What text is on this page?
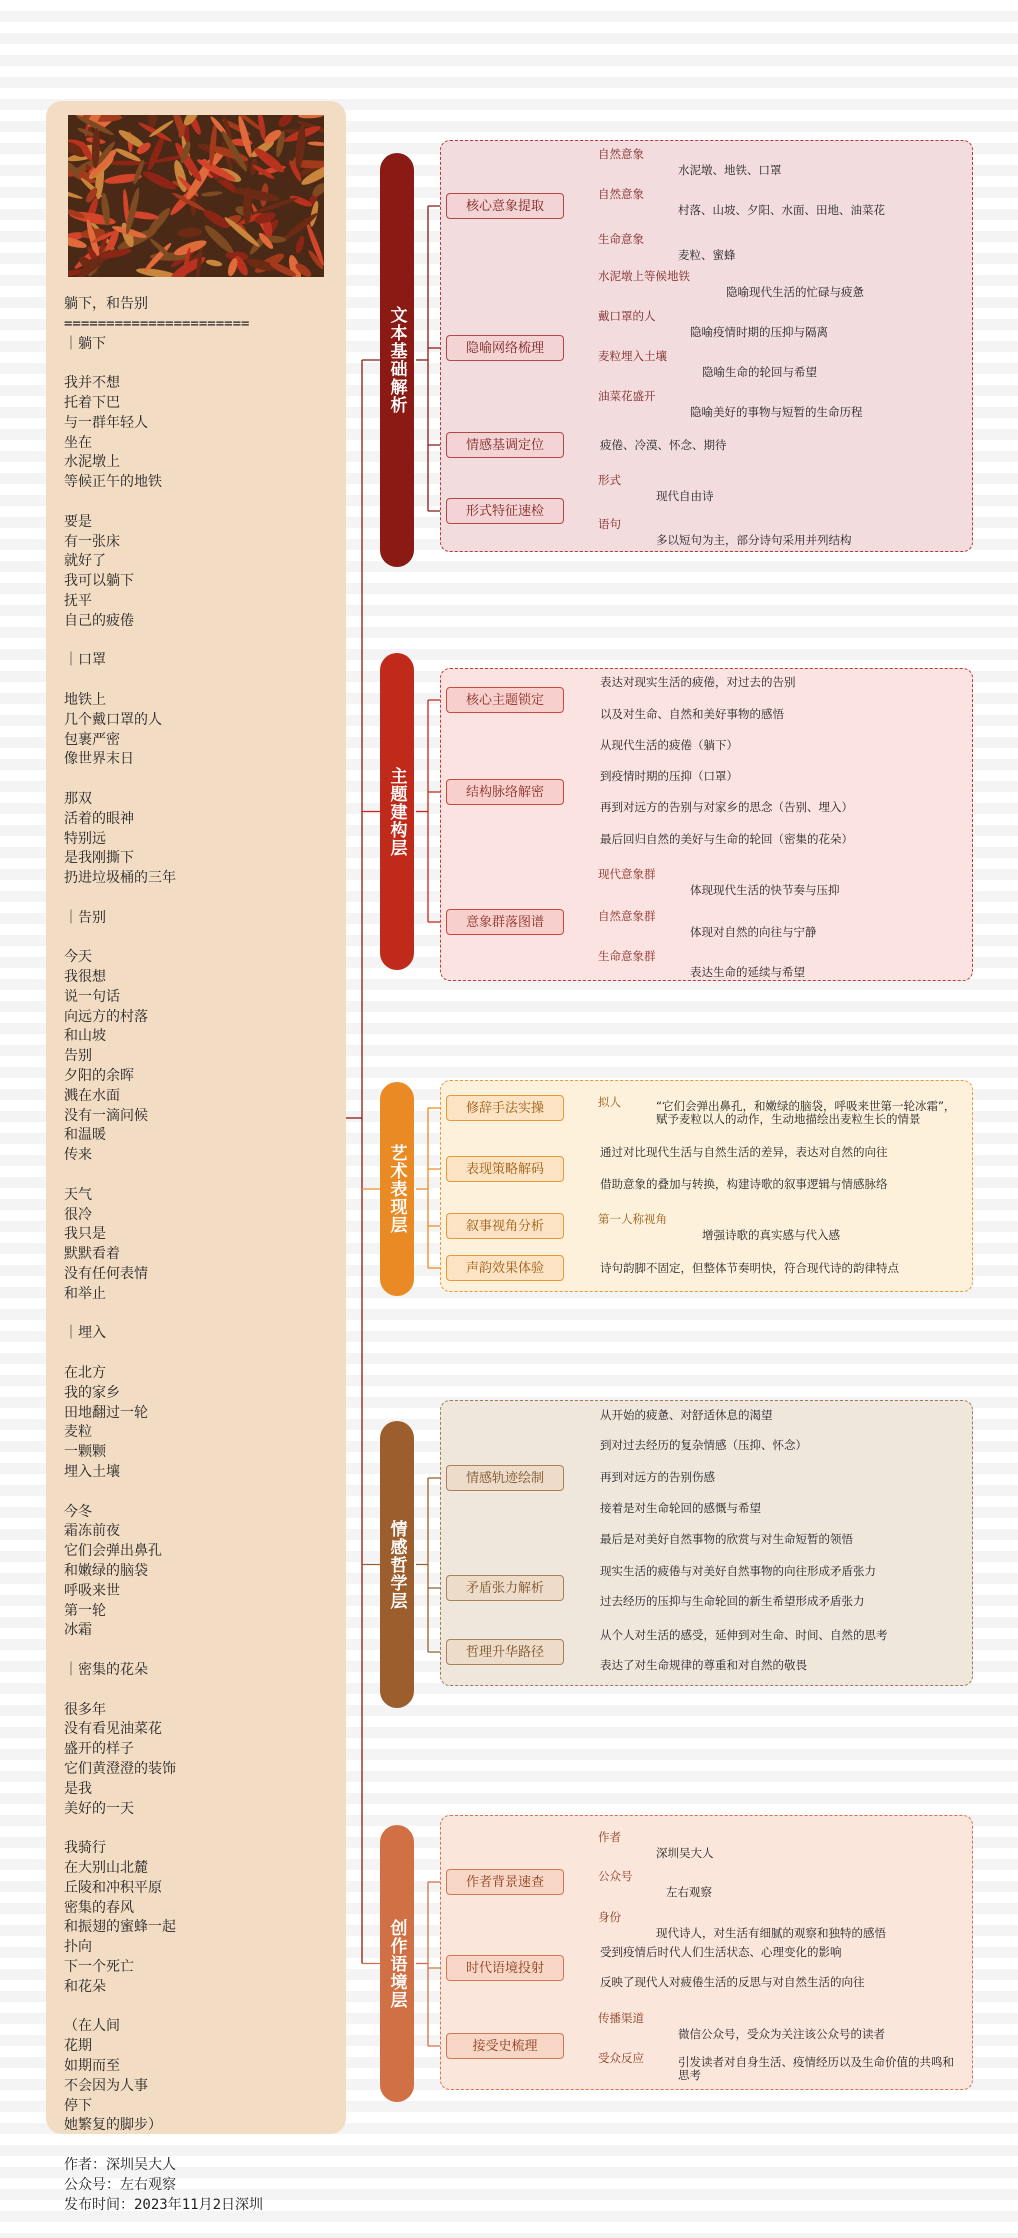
躺下，和告别
======================
｜躺下

我并不想
托着下巴
与一群年轻人
坐在
水泥墩上
等候正午的地铁

要是
有一张床
就好了
我可以躺下
抚平
自己的疲倦

｜口罩

地铁上
几个戴口罩的人
包裹严密
像世界末日

那双
活着的眼神
特别远
是我刚撕下
扔进垃圾桶的三年

｜告别

今天
我很想
说一句话
向远方的村落
和山坡
告别
夕阳的余晖
溅在水面
没有一滴问候
和温暖
传来

天气
很冷
我只是
默默看着
没有任何表情
和举止

｜埋入

在北方
我的家乡
田地翻过一轮
麦粒
一颗颗
埋入土壤

今冬
霜冻前夜
它们会弹出鼻孔
和嫩绿的脑袋
呼吸来世
第一轮
冰霜

｜密集的花朵

很多年
没有看见油菜花
盛开的样子
它们黄澄澄的装饰
是我
美好的一天

我骑行
在大别山北麓
丘陵和冲积平原
密集的春风
和振翅的蜜蜂一起
扑向
下一个死亡
和花朵

（在人间
花期
如期而至
不会因为人事
停下
她繁复的脚步）

作者：深圳吴大人
公众号：左右观察
发布时间：2023年11月2日深圳
文本基础解析
核心意象提取
自然意象
水泥墩、地铁、口罩
自然意象
村落、山坡、夕阳、水面、田地、油菜花
生命意象
麦粒、蜜蜂
隐喻网络梳理
水泥墩上等候地铁
隐喻现代生活的忙碌与疲惫
戴口罩的人
隐喻疫情时期的压抑与隔离
麦粒埋入土壤
隐喻生命的轮回与希望
油菜花盛开
隐喻美好的事物与短暂的生命历程
情感基调定位	疲倦、冷漠、怀念、期待
形式特征速检
形式
现代自由诗
语句
多以短句为主，部分诗句采用并列结构
主题建构层
核心主题锁定
表达对现实生活的疲倦，对过去的告别
以及对生命、自然和美好事物的感悟
结构脉络解密
从现代生活的疲倦（躺下）
到疫情时期的压抑（口罩）
再到对远方的告别与对家乡的思念（告别、埋入）
最后回归自然的美好与生命的轮回（密集的花朵）
意象群落图谱
现代意象群
体现现代生活的快节奏与压抑
自然意象群
体现对自然的向往与宁静
生命意象群
表达生命的延续与希望
艺术表现层
修辞手法实操	拟人	“它们会弹出鼻孔，和嫩绿的脑袋，呼吸来世第一轮冰霜”，赋予麦粒以人的动作，生动地描绘出麦粒生长的情景
表现策略解码
通过对比现代生活与自然生活的差异，表达对自然的向往
借助意象的叠加与转换，构建诗歌的叙事逻辑与情感脉络
叙事视角分析	第一人称视角
增强诗歌的真实感与代入感
声韵效果体验	诗句韵脚不固定，但整体节奏明快，符合现代诗的韵律特点
情感哲学层
情感轨迹绘制
从开始的疲惫、对舒适休息的渴望
到对过去经历的复杂情感（压抑、怀念）
再到对远方的告别伤感
接着是对生命轮回的感慨与希望
最后是对美好自然事物的欣赏与对生命短暂的领悟
矛盾张力解析
现实生活的疲倦与对美好自然事物的向往形成矛盾张力
过去经历的压抑与生命轮回的新生希望形成矛盾张力
哲理升华路径
从个人对生活的感受，延伸到对生命、时间、自然的思考
表达了对生命规律的尊重和对自然的敬畏
创作语境层
作者背景速查
作者
深圳吴大人
公众号
左右观察
身份
现代诗人，对生活有细腻的观察和独特的感悟
时代语境投射
受到疫情后时代人们生活状态、心理变化的影响
反映了现代人对疲倦生活的反思与对自然生活的向往
接受史梳理
传播渠道
微信公众号，受众为关注该公众号的读者
受众反应	引发读者对自身生活、疫情经历以及生命价值的共鸣和思考
